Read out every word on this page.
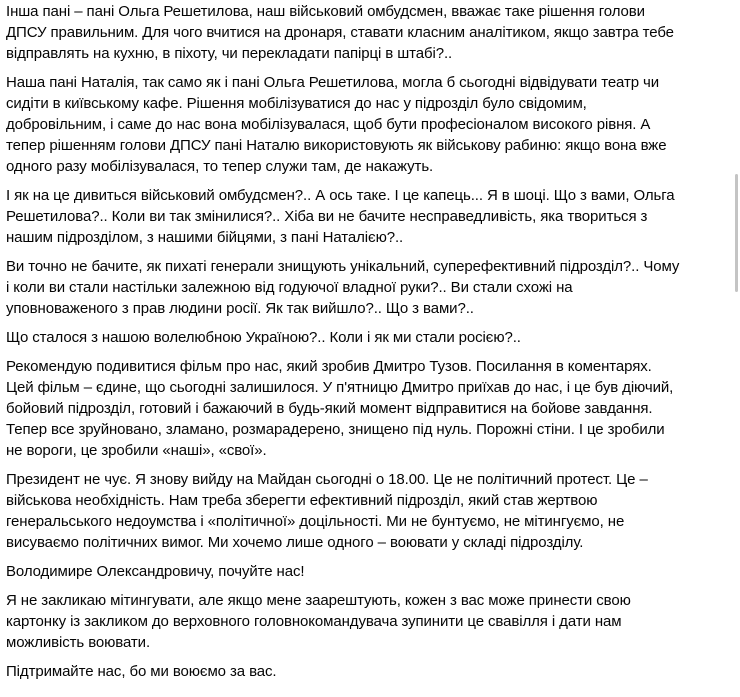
Інша пані – пані Ольга Решетилова, наш військовий омбудсмен, вважає таке рішення голови
ДПСУ правильним. Для чого вчитися на дронаря, ставати класним аналітиком, якщо завтра тебе
відправлять на кухню, в піхоту, чи перекладати папірці в штабі?..

Наша пані Наталія, так само як і пані Ольга Решетилова, могла б сьогодні відвідувати театр чи
сидіти в київському кафе. Рішення мобілізуватися до нас у підрозділ було свідомим,
добровільним, і саме до нас вона мобілізувалася, щоб бути професіоналом високого рівня. А
тепер рішенням голови ДПСУ пані Наталю використовують як військову рабиню: якщо вона вже
одного разу мобілізувалася, то тепер служи там, де накажуть.

І як на це дивиться військовий омбудсмен?.. А ось таке. І це капець... Я в шоці. Що з вами, Ольга
Решетилова?.. Коли ви так змінилися?.. Хіба ви не бачите несправедливість, яка твориться з
нашим підрозділом, з нашими бійцями, з пані Наталією?..

Ви точно не бачите, як пихаті генерали знищують унікальний, суперефективний підрозділ?.. Чому
і коли ви стали настільки залежною від годуючої владної руки?.. Ви стали схожі на
уповноваженого з прав людини росії. Як так вийшло?.. Що з вами?..

Що сталося з нашою волелюбною Україною?.. Коли і як ми стали росією?..

Рекомендую подивитися фільм про нас, який зробив Дмитро Тузов. Посилання в коментарях.
Цей фільм – єдине, що сьогодні залишилося. У п'ятницю Дмитро приїхав до нас, і це був діючий,
бойовий підрозділ, готовий і бажаючий в будь-який момент відправитися на бойове завдання.
Тепер все зруйновано, зламано, розмарадерено, знищено під нуль. Порожні стіни. І це зробили
не вороги, це зробили «наші», «свої».

Президент не чує. Я знову вийду на Майдан сьогодні о 18.00. Це не політичний протест. Це –
військова необхідність. Нам треба зберегти ефективний підрозділ, який став жертвою
генеральського недоумства і «політичної» доцільності. Ми не бунтуємо, не мітингуємо, не
висуваємо політичних вимог. Ми хочемо лише одного – воювати у складі підрозділу.

Володимире Олександровичу, почуйте нас!

Я не закликаю мітингувати, але якщо мене заарештують, кожен з вас може принести свою
картонку із закликом до верховного головнокомандувача зупинити це свавілля і дати нам
можливість воювати.

Підтримайте нас, бо ми воюємо за вас.
